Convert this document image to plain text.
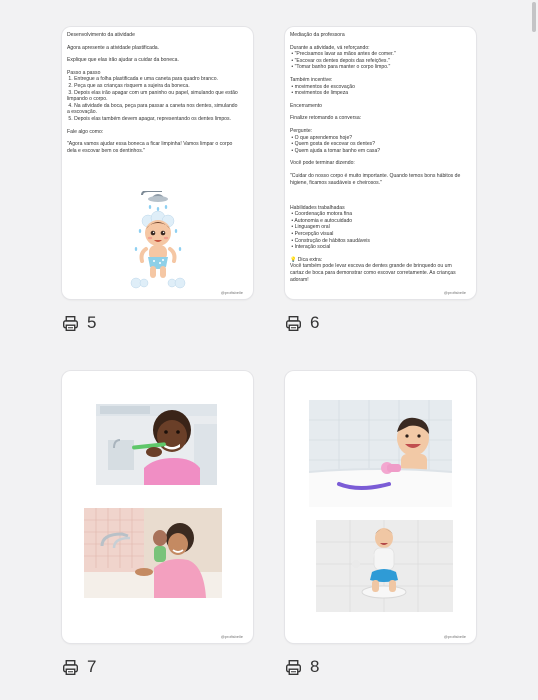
Desenvolvimento da atividade
Agora apresente a atividade plastificada.
Explique que elas irão ajudar a cuidar da boneca.
Passo a passo
1. Entregue a folha plastificada e uma caneta para quadro branco.
2. Peça que as crianças risquem a sujeira da boneca.
3. Depois elas irão apagar com um paninho ou papel, simulando que estão
limpando o corpo.
4. Na atividade da boca, peça para passar a caneta nos dentes, simulando
a escovação.
5. Depois elas também devem apagar, representando os dentes limpos.
Fale algo como:
"Agora vamos ajudar essa boneca a ficar limpinha! Vamos limpar o corpo
dela e escovar bem os dentinhos."
@profisbelle
Mediação da professora
Durante a atividade, vá reforçando:
• "Precisamos lavar as mãos antes de comer."
• "Escovar os dentes depois das refeições."
• "Tomar banho para manter o corpo limpo."
Também incentive:
• movimentos de escovação
• movimentos de limpeza
Encerramento
Finalize retomando a conversa:
Pergunte:
• O que aprendemos hoje?
• Quem gosta de escovar os dentes?
• Quem ajuda a tomar banho em casa?
Você pode terminar dizendo:
"Cuidar do nosso corpo é muito importante. Quando temos bons hábitos de
higiene, ficamos saudáveis e cheirosos."

Habilidades trabalhadas
• Coordenação motora fina
• Autonomia e autocuidado
• Linguagem oral
• Percepção visual
• Construção de hábitos saudáveis
• Interação social
💡 Dica extra:
Você também pode levar escova de dentes grande de brinquedo ou um
cartaz de boca para demonstrar como escovar corretamente. As crianças
adoram!
@profisbelle
@profisbelle	@profisbelle
5	6
7	8
